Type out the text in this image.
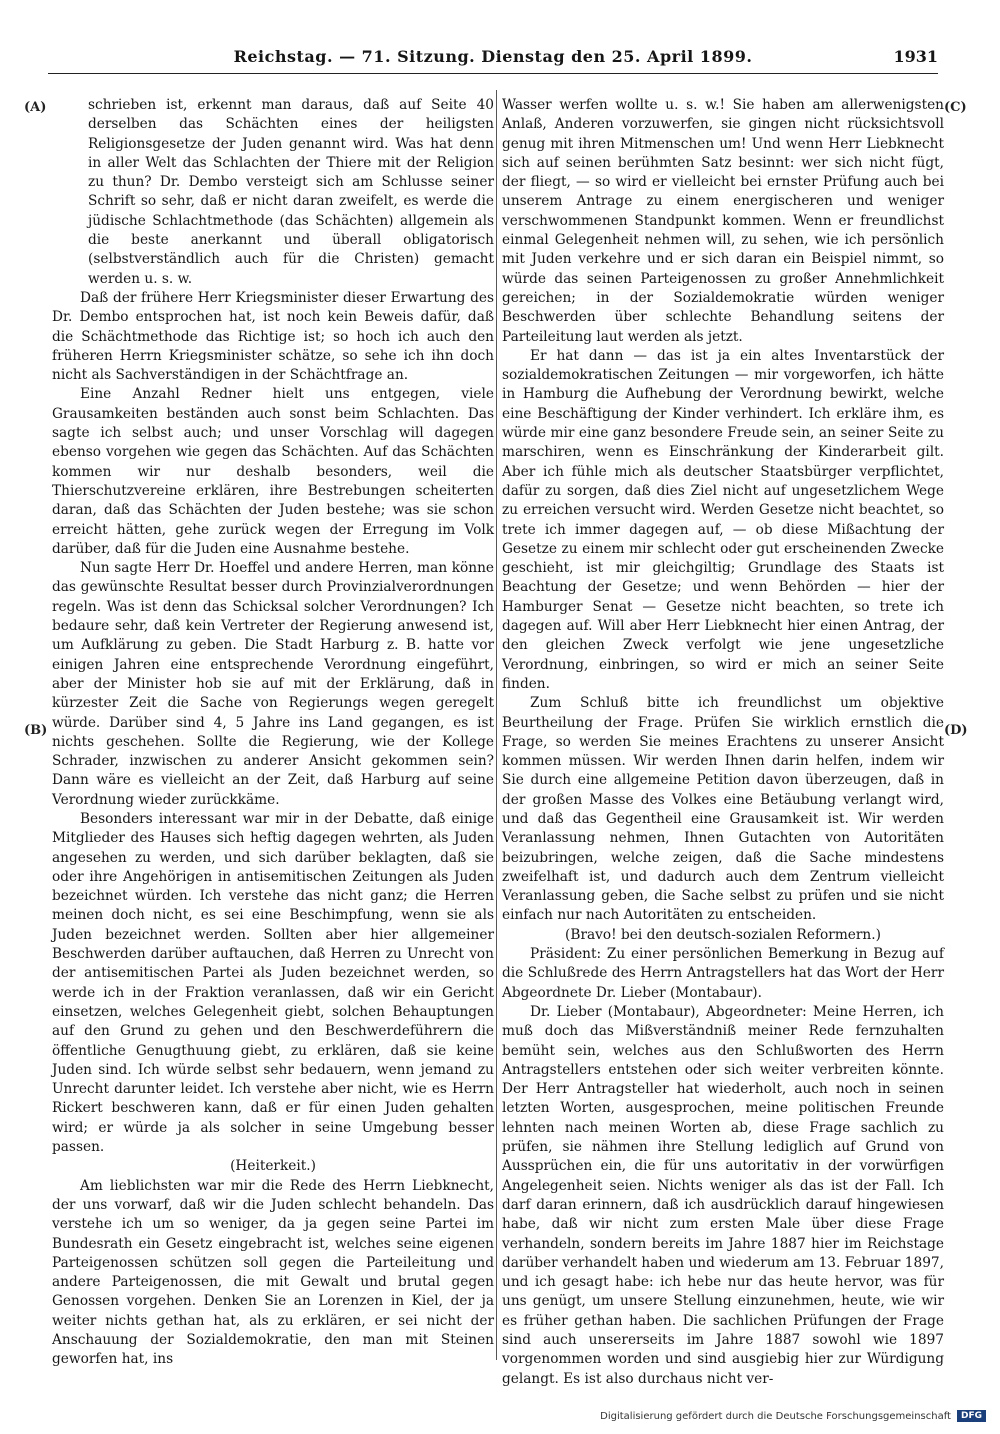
Reichstag. — 71. Sitzung. Dienstag den 25. April 1899.	1931
(A)
(B)
(C)
(D)

schrieben ist, erkennt man daraus, daß auf Seite 40 derselben das Schächten eines der heiligsten Religionsgesetze der Juden genannt wird. Was hat denn in aller Welt das Schlachten der Thiere mit der Religion zu thun? Dr. Dembo versteigt sich am Schlusse seiner Schrift so sehr, daß er nicht daran zweifelt, es werde die jüdische Schlachtmethode (das Schächten) allgemein als die beste anerkannt und überall obligatorisch (selbstverständlich auch für die Christen) gemacht werden u. s. w.

Daß der frühere Herr Kriegsminister dieser Erwartung des Dr. Dembo entsprochen hat, ist noch kein Beweis dafür, daß die Schächtmethode das Richtige ist; so hoch ich auch den früheren Herrn Kriegsminister schätze, so sehe ich ihn doch nicht als Sachverständigen in der Schächtfrage an.

Eine Anzahl Redner hielt uns entgegen, viele Grausamkeiten beständen auch sonst beim Schlachten. Das sagte ich selbst auch; und unser Vorschlag will dagegen ebenso vorgehen wie gegen das Schächten. Auf das Schächten kommen wir nur deshalb besonders, weil die Thierschutzvereine erklären, ihre Bestrebungen scheiterten daran, daß das Schächten der Juden bestehe; was sie schon erreicht hätten, gehe zurück wegen der Erregung im Volk darüber, daß für die Juden eine Ausnahme bestehe.

Nun sagte Herr Dr. Hoeffel und andere Herren, man könne das gewünschte Resultat besser durch Provinzialverordnungen regeln. Was ist denn das Schicksal solcher Verordnungen? Ich bedaure sehr, daß kein Vertreter der Regierung anwesend ist, um Aufklärung zu geben. Die Stadt Harburg z. B. hatte vor einigen Jahren eine entsprechende Verordnung eingeführt, aber der Minister hob sie auf mit der Erklärung, daß in kürzester Zeit die Sache von Regierungs wegen geregelt würde. Darüber sind 4, 5 Jahre ins Land gegangen, es ist nichts geschehen. Sollte die Regierung, wie der Kollege Schrader, inzwischen zu anderer Ansicht gekommen sein? Dann wäre es vielleicht an der Zeit, daß Harburg auf seine Verordnung wieder zurückkäme.

Besonders interessant war mir in der Debatte, daß einige Mitglieder des Hauses sich heftig dagegen wehrten, als Juden angesehen zu werden, und sich darüber beklagten, daß sie oder ihre Angehörigen in antisemitischen Zeitungen als Juden bezeichnet würden. Ich verstehe das nicht ganz; die Herren meinen doch nicht, es sei eine Beschimpfung, wenn sie als Juden bezeichnet werden. Sollten aber hier allgemeiner Beschwerden darüber auftauchen, daß Herren zu Unrecht von der antisemitischen Partei als Juden bezeichnet werden, so werde ich in der Fraktion veranlassen, daß wir ein Gericht einsetzen, welches Gelegenheit giebt, solchen Behauptungen auf den Grund zu gehen und den Beschwerdeführern die öffentliche Genugthuung giebt, zu erklären, daß sie keine Juden sind. Ich würde selbst sehr bedauern, wenn jemand zu Unrecht darunter leidet. Ich verstehe aber nicht, wie es Herrn Rickert beschweren kann, daß er für einen Juden gehalten wird; er würde ja als solcher in seine Umgebung besser passen.

(Heiterkeit.)

Am lieblichsten war mir die Rede des Herrn Liebknecht, der uns vorwarf, daß wir die Juden schlecht behandeln. Das verstehe ich um so weniger, da ja gegen seine Partei im Bundesrath ein Gesetz eingebracht ist, welches seine eigenen Parteigenossen schützen soll gegen die Parteileitung und andere Parteigenossen, die mit Gewalt und brutal gegen Genossen vorgehen. Denken Sie an Lorenzen in Kiel, der ja weiter nichts gethan hat, als zu erklären, er sei nicht der Anschauung der Sozialdemokratie, den man mit Steinen geworfen hat, ins

Wasser werfen wollte u. s. w.! Sie haben am allerwenigsten Anlaß, Anderen vorzuwerfen, sie gingen nicht rücksichtsvoll genug mit ihren Mitmenschen um! Und wenn Herr Liebknecht sich auf seinen berühmten Satz besinnt: wer sich nicht fügt, der fliegt, — so wird er vielleicht bei ernster Prüfung auch bei unserem Antrage zu einem energischeren und weniger verschwommenen Standpunkt kommen. Wenn er freundlichst einmal Gelegenheit nehmen will, zu sehen, wie ich persönlich mit Juden verkehre und er sich daran ein Beispiel nimmt, so würde das seinen Parteigenossen zu großer Annehmlichkeit gereichen; in der Sozialdemokratie würden weniger Beschwerden über schlechte Behandlung seitens der Parteileitung laut werden als jetzt.

Er hat dann — das ist ja ein altes Inventarstück der sozialdemokratischen Zeitungen — mir vorgeworfen, ich hätte in Hamburg die Aufhebung der Verordnung bewirkt, welche eine Beschäftigung der Kinder verhindert. Ich erkläre ihm, es würde mir eine ganz besondere Freude sein, an seiner Seite zu marschiren, wenn es Einschränkung der Kinderarbeit gilt. Aber ich fühle mich als deutscher Staatsbürger verpflichtet, dafür zu sorgen, daß dies Ziel nicht auf ungesetzlichem Wege zu erreichen versucht wird. Werden Gesetze nicht beachtet, so trete ich immer dagegen auf, — ob diese Mißachtung der Gesetze zu einem mir schlecht oder gut erscheinenden Zwecke geschieht, ist mir gleichgiltig; Grundlage des Staats ist Beachtung der Gesetze; und wenn Behörden — hier der Hamburger Senat — Gesetze nicht beachten, so trete ich dagegen auf. Will aber Herr Liebknecht hier einen Antrag, der den gleichen Zweck verfolgt wie jene ungesetzliche Verordnung, einbringen, so wird er mich an seiner Seite finden.

Zum Schluß bitte ich freundlichst um objektive Beurtheilung der Frage. Prüfen Sie wirklich ernstlich die Frage, so werden Sie meines Erachtens zu unserer Ansicht kommen müssen. Wir werden Ihnen darin helfen, indem wir Sie durch eine allgemeine Petition davon überzeugen, daß in der großen Masse des Volkes eine Betäubung verlangt wird, und daß das Gegentheil eine Grausamkeit ist. Wir werden Veranlassung nehmen, Ihnen Gutachten von Autoritäten beizubringen, welche zeigen, daß die Sache mindestens zweifelhaft ist, und dadurch auch dem Zentrum vielleicht Veranlassung geben, die Sache selbst zu prüfen und sie nicht einfach nur nach Autoritäten zu entscheiden.

(Bravo! bei den deutsch-sozialen Reformern.)

Präsident: Zu einer persönlichen Bemerkung in Bezug auf die Schlußrede des Herrn Antragstellers hat das Wort der Herr Abgeordnete Dr. Lieber (Montabaur).

Dr. Lieber (Montabaur), Abgeordneter: Meine Herren, ich muß doch das Mißverständniß meiner Rede fernzuhalten bemüht sein, welches aus den Schlußworten des Herrn Antragstellers entstehen oder sich weiter verbreiten könnte. Der Herr Antragsteller hat wiederholt, auch noch in seinen letzten Worten, ausgesprochen, meine politischen Freunde lehnten nach meinen Worten ab, diese Frage sachlich zu prüfen, sie nähmen ihre Stellung lediglich auf Grund von Aussprüchen ein, die für uns autoritativ in der vorwürfigen Angelegenheit seien. Nichts weniger als das ist der Fall. Ich darf daran erinnern, daß ich ausdrücklich darauf hingewiesen habe, daß wir nicht zum ersten Male über diese Frage verhandeln, sondern bereits im Jahre 1887 hier im Reichstage darüber verhandelt haben und wiederum am 13. Februar 1897, und ich gesagt habe: ich hebe nur das heute hervor, was für uns genügt, um unsere Stellung einzunehmen, heute, wie wir es früher gethan haben. Die sachlichen Prüfungen der Frage sind auch unsererseits im Jahre 1887 sowohl wie 1897 vorgenommen worden und sind ausgiebig hier zur Würdigung gelangt. Es ist also durchaus nicht ver-

Digitalisierung gefördert durch die Deutsche Forschungsgemeinschaft	DFG
